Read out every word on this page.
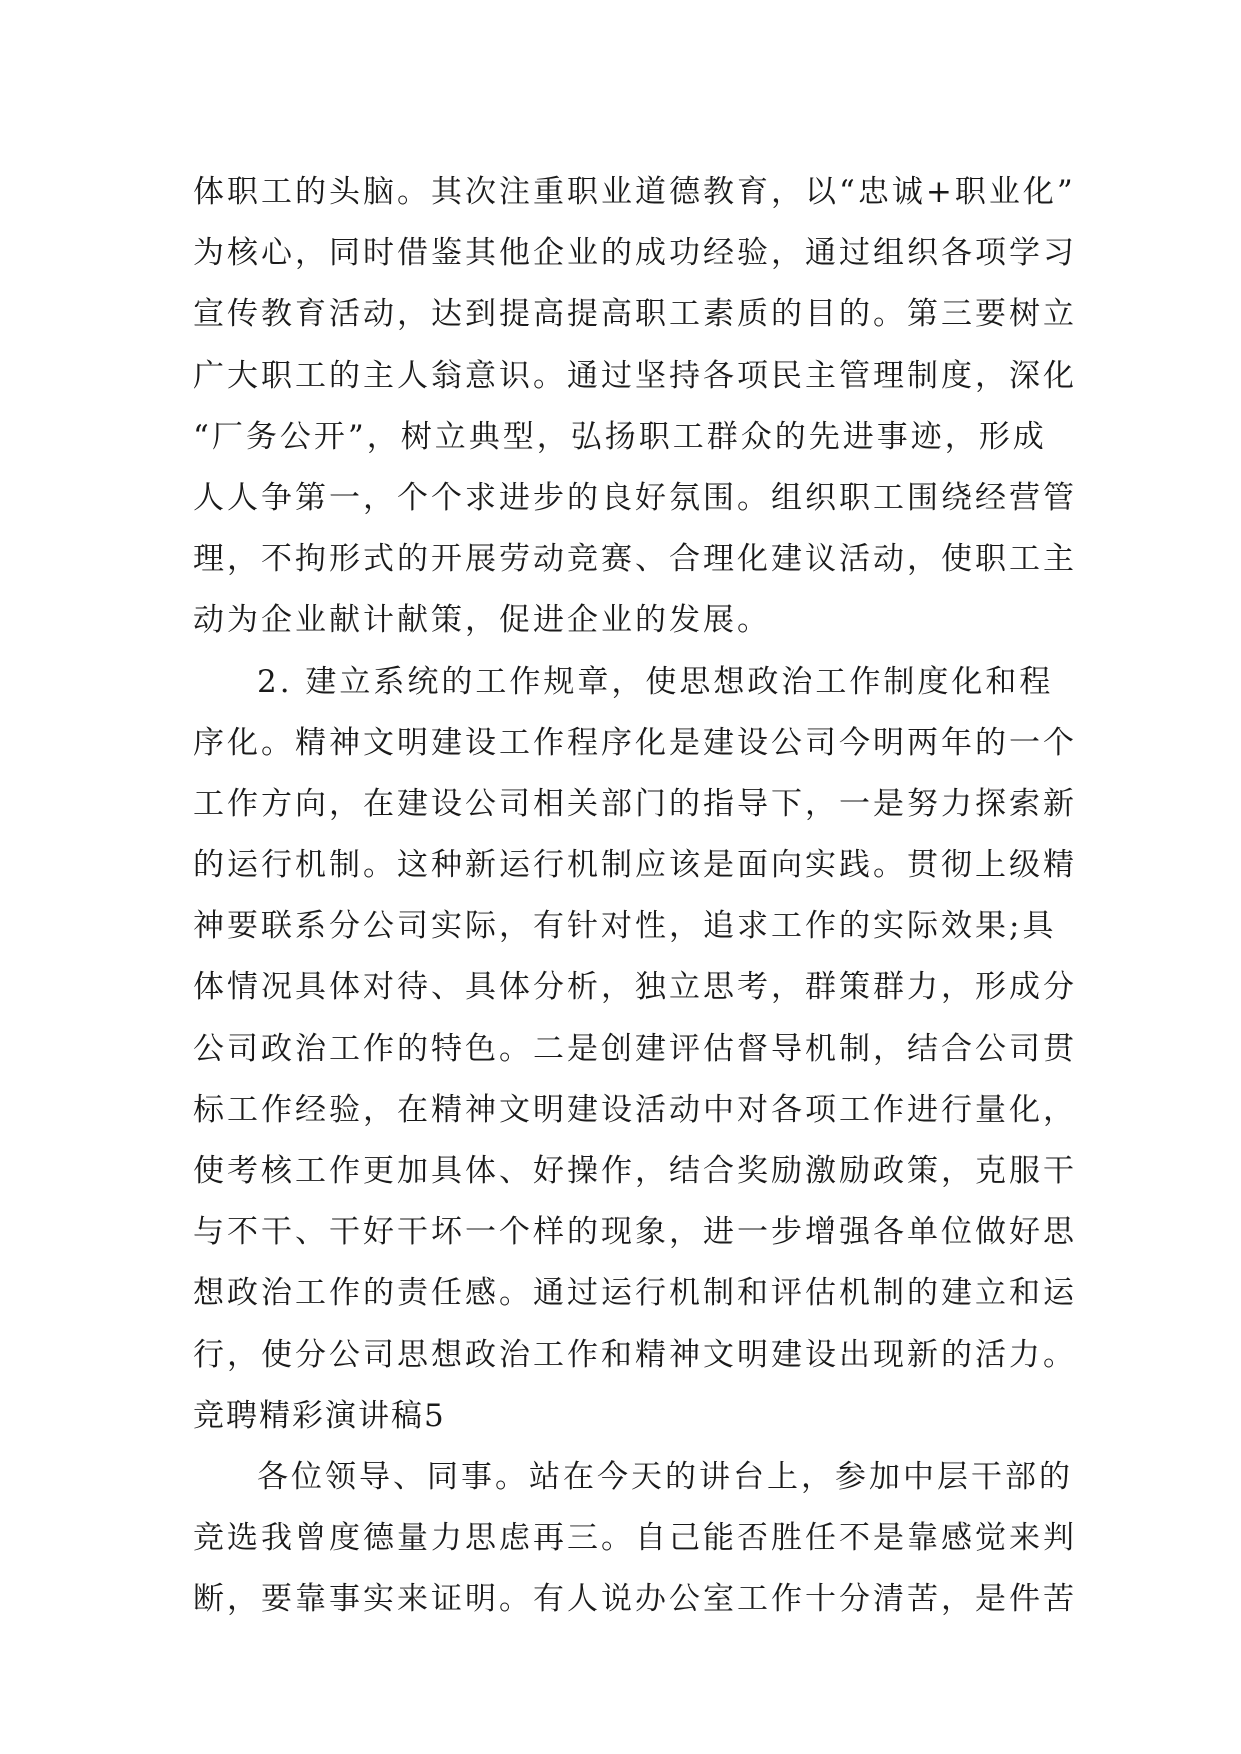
体职工的头脑。其次注重职业道德教育，以“忠诚+职业化”
为核心，同时借鉴其他企业的成功经验，通过组织各项学习
宣传教育活动，达到提高提高职工素质的目的。第三要树立
广大职工的主人翁意识。通过坚持各项民主管理制度，深化
“厂务公开”，树立典型，弘扬职工群众的先进事迹，形成
人人争第一，个个求进步的良好氛围。组织职工围绕经营管
理，不拘形式的开展劳动竞赛、合理化建议活动，使职工主
动为企业献计献策，促进企业的发展。
2. 建立系统的工作规章，使思想政治工作制度化和程
序化。精神文明建设工作程序化是建设公司今明两年的一个
工作方向，在建设公司相关部门的指导下，一是努力探索新
的运行机制。这种新运行机制应该是面向实践。贯彻上级精
神要联系分公司实际，有针对性，追求工作的实际效果;具
体情况具体对待、具体分析，独立思考，群策群力，形成分
公司政治工作的特色。二是创建评估督导机制，结合公司贯
标工作经验，在精神文明建设活动中对各项工作进行量化，
使考核工作更加具体、好操作，结合奖励激励政策，克服干
与不干、干好干坏一个样的现象，进一步增强各单位做好思
想政治工作的责任感。通过运行机制和评估机制的建立和运
行，使分公司思想政治工作和精神文明建设出现新的活力。
竞聘精彩演讲稿5
各位领导、同事。站在今天的讲台上，参加中层干部的
竞选我曾度德量力思虑再三。自己能否胜任不是靠感觉来判
断，要靠事实来证明。有人说办公室工作十分清苦，是件苦
